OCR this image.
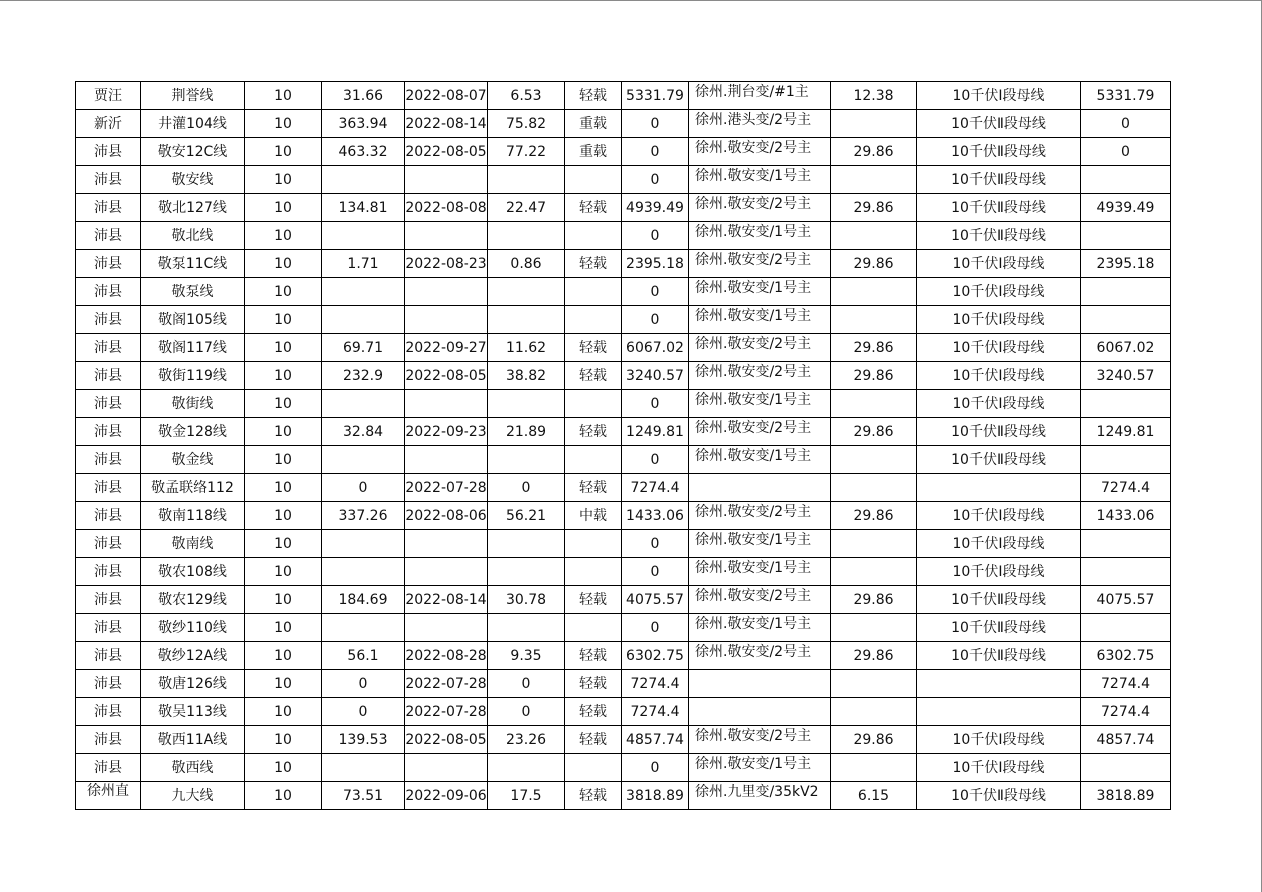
贾汪	荆誉线	10	31.66	2022-08-07	6.53	轻载	5331.79	徐州.荆台变/#1主	12.38	10千伏Ⅰ段母线	5331.79
新沂	井灌104线	10	363.94	2022-08-14	75.82	重载	0	徐州.港头变/2号主		10千伏Ⅱ段母线	0
沛县	敬安12C线	10	463.32	2022-08-05	77.22	重载	0	徐州.敬安变/2号主	29.86	10千伏Ⅱ段母线	0
沛县	敬安线	10					0	徐州.敬安变/1号主		10千伏Ⅱ段母线	
沛县	敬北127线	10	134.81	2022-08-08	22.47	轻载	4939.49	徐州.敬安变/2号主	29.86	10千伏Ⅱ段母线	4939.49
沛县	敬北线	10					0	徐州.敬安变/1号主		10千伏Ⅱ段母线	
沛县	敬泵11C线	10	1.71	2022-08-23	0.86	轻载	2395.18	徐州.敬安变/2号主	29.86	10千伏Ⅰ段母线	2395.18
沛县	敬泵线	10					0	徐州.敬安变/1号主		10千伏Ⅰ段母线	
沛县	敬阁105线	10					0	徐州.敬安变/1号主		10千伏Ⅰ段母线	
沛县	敬阁117线	10	69.71	2022-09-27	11.62	轻载	6067.02	徐州.敬安变/2号主	29.86	10千伏Ⅰ段母线	6067.02
沛县	敬街119线	10	232.9	2022-08-05	38.82	轻载	3240.57	徐州.敬安变/2号主	29.86	10千伏Ⅰ段母线	3240.57
沛县	敬街线	10					0	徐州.敬安变/1号主		10千伏Ⅰ段母线	
沛县	敬金128线	10	32.84	2022-09-23	21.89	轻载	1249.81	徐州.敬安变/2号主	29.86	10千伏Ⅱ段母线	1249.81
沛县	敬金线	10					0	徐州.敬安变/1号主		10千伏Ⅱ段母线	
沛县	敬孟联络112	10	0	2022-07-28	0	轻载	7274.4				7274.4
沛县	敬南118线	10	337.26	2022-08-06	56.21	中载	1433.06	徐州.敬安变/2号主	29.86	10千伏Ⅰ段母线	1433.06
沛县	敬南线	10					0	徐州.敬安变/1号主		10千伏Ⅰ段母线	
沛县	敬农108线	10					0	徐州.敬安变/1号主		10千伏Ⅰ段母线	
沛县	敬农129线	10	184.69	2022-08-14	30.78	轻载	4075.57	徐州.敬安变/2号主	29.86	10千伏Ⅱ段母线	4075.57
沛县	敬纱110线	10					0	徐州.敬安变/1号主		10千伏Ⅱ段母线	
沛县	敬纱12A线	10	56.1	2022-08-28	9.35	轻载	6302.75	徐州.敬安变/2号主	29.86	10千伏Ⅱ段母线	6302.75
沛县	敬唐126线	10	0	2022-07-28	0	轻载	7274.4				7274.4
沛县	敬吴113线	10	0	2022-07-28	0	轻载	7274.4				7274.4
沛县	敬西11A线	10	139.53	2022-08-05	23.26	轻载	4857.74	徐州.敬安变/2号主	29.86	10千伏Ⅰ段母线	4857.74
沛县	敬西线	10					0	徐州.敬安变/1号主		10千伏Ⅰ段母线	
徐州直	九大线	10	73.51	2022-09-06	17.5	轻载	3818.89	徐州.九里变/35kV2	6.15	10千伏Ⅱ段母线	3818.89
